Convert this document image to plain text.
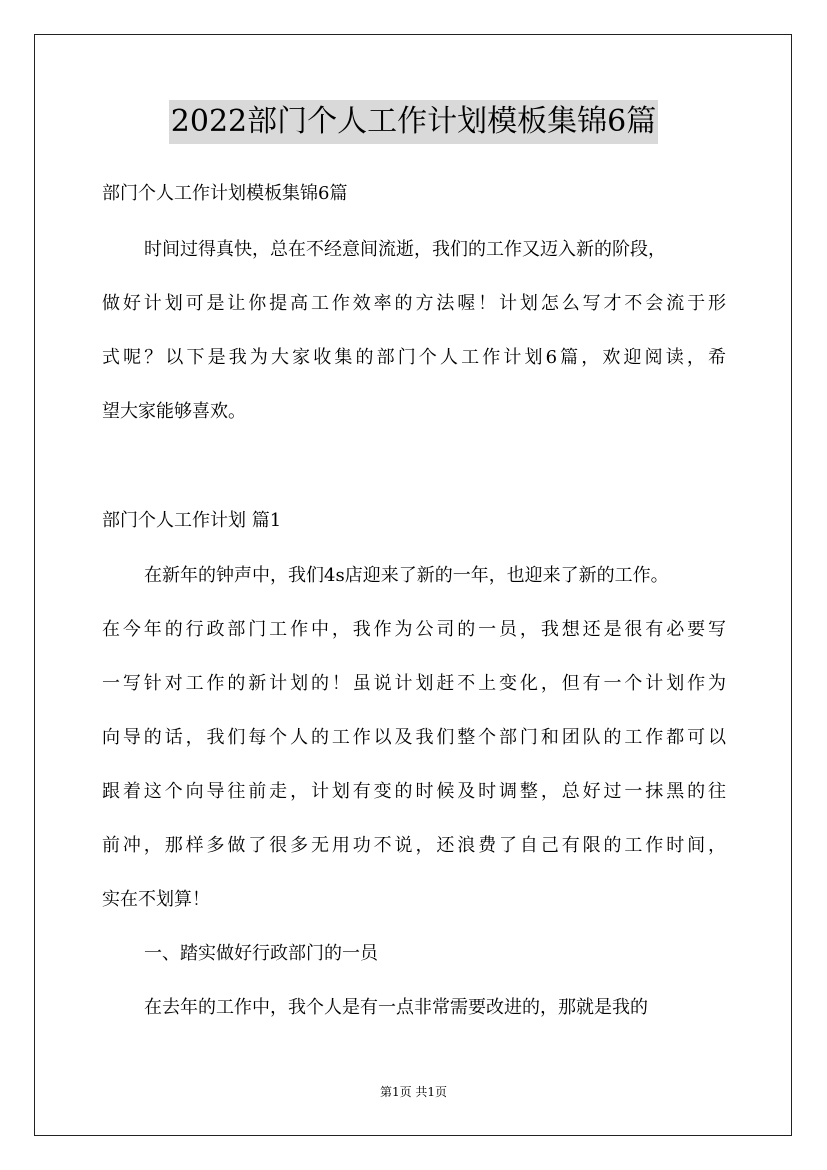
2022部门个人工作计划模板集锦6篇
部门个人工作计划模板集锦6篇
时间过得真快，总在不经意间流逝，我们的工作又迈入新的阶段，
做好计划可是让你提高工作效率的方法喔！计划怎么写才不会流于形
式呢？以下是我为大家收集的部门个人工作计划6篇，欢迎阅读，希
望大家能够喜欢。
部门个人工作计划 篇1
在新年的钟声中，我们4s店迎来了新的一年，也迎来了新的工作。
在今年的行政部门工作中，我作为公司的一员，我想还是很有必要写
一写针对工作的新计划的！虽说计划赶不上变化，但有一个计划作为
向导的话，我们每个人的工作以及我们整个部门和团队的工作都可以
跟着这个向导往前走，计划有变的时候及时调整，总好过一抹黑的往
前冲，那样多做了很多无用功不说，还浪费了自己有限的工作时间，
实在不划算！
一、踏实做好行政部门的一员
在去年的工作中，我个人是有一点非常需要改进的，那就是我的
第1页 共1页
